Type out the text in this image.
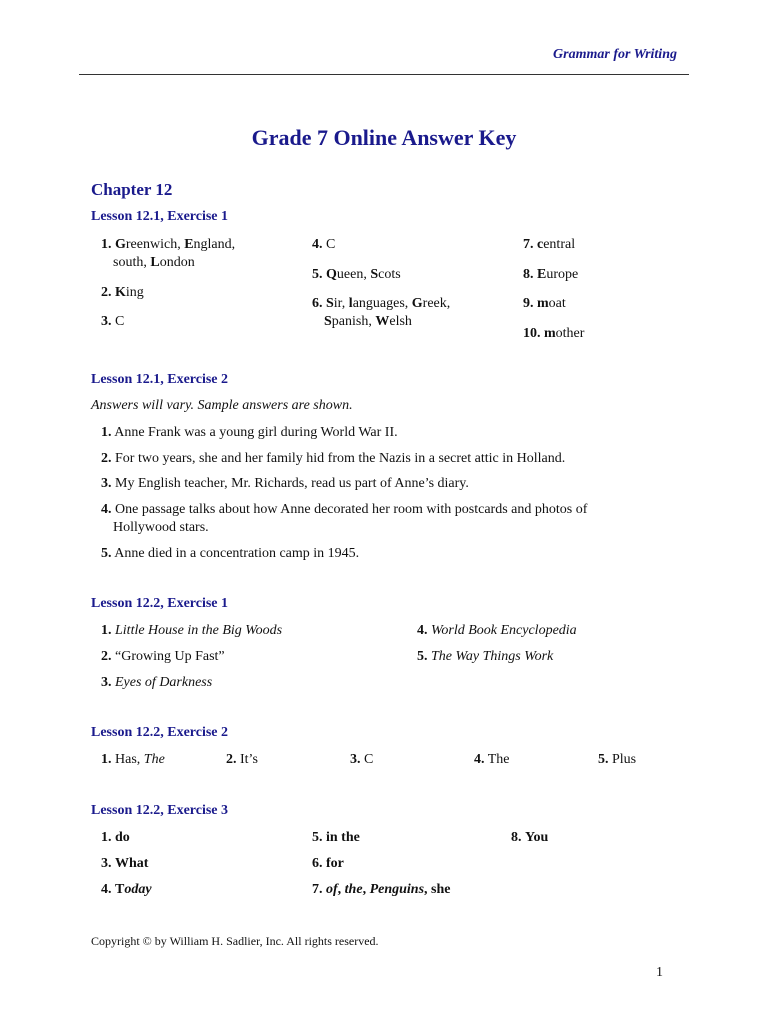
Grammar for Writing
Grade 7 Online Answer Key
Chapter 12
Lesson 12.1, Exercise 1
1. Greenwich, England,
south, London
2. King
3. C
4. C
5. Queen, Scots
6. Sir, languages, Greek,
Spanish, Welsh
7. central
8. Europe
9. moat
10. mother
Lesson 12.1, Exercise 2
Answers will vary. Sample answers are shown.
1. Anne Frank was a young girl during World War II.
2. For two years, she and her family hid from the Nazis in a secret attic in Holland.
3. My English teacher, Mr. Richards, read us part of Anne’s diary.
4. One passage talks about how Anne decorated her room with postcards and photos of
Hollywood stars.
5. Anne died in a concentration camp in 1945.
Lesson 12.2, Exercise 1
1. Little House in the Big Woods
2. “Growing Up Fast”
3. Eyes of Darkness
4. World Book Encyclopedia
5. The Way Things Work
Lesson 12.2, Exercise 2
1. Has, The	2. It’s	3. C	4. The	5. Plus
Lesson 12.2, Exercise 3
1. do
3. What
4. Today
5. in the
6. for
7. of, the, Penguins, she
8. You
Copyright © by William H. Sadlier, Inc. All rights reserved.
1
